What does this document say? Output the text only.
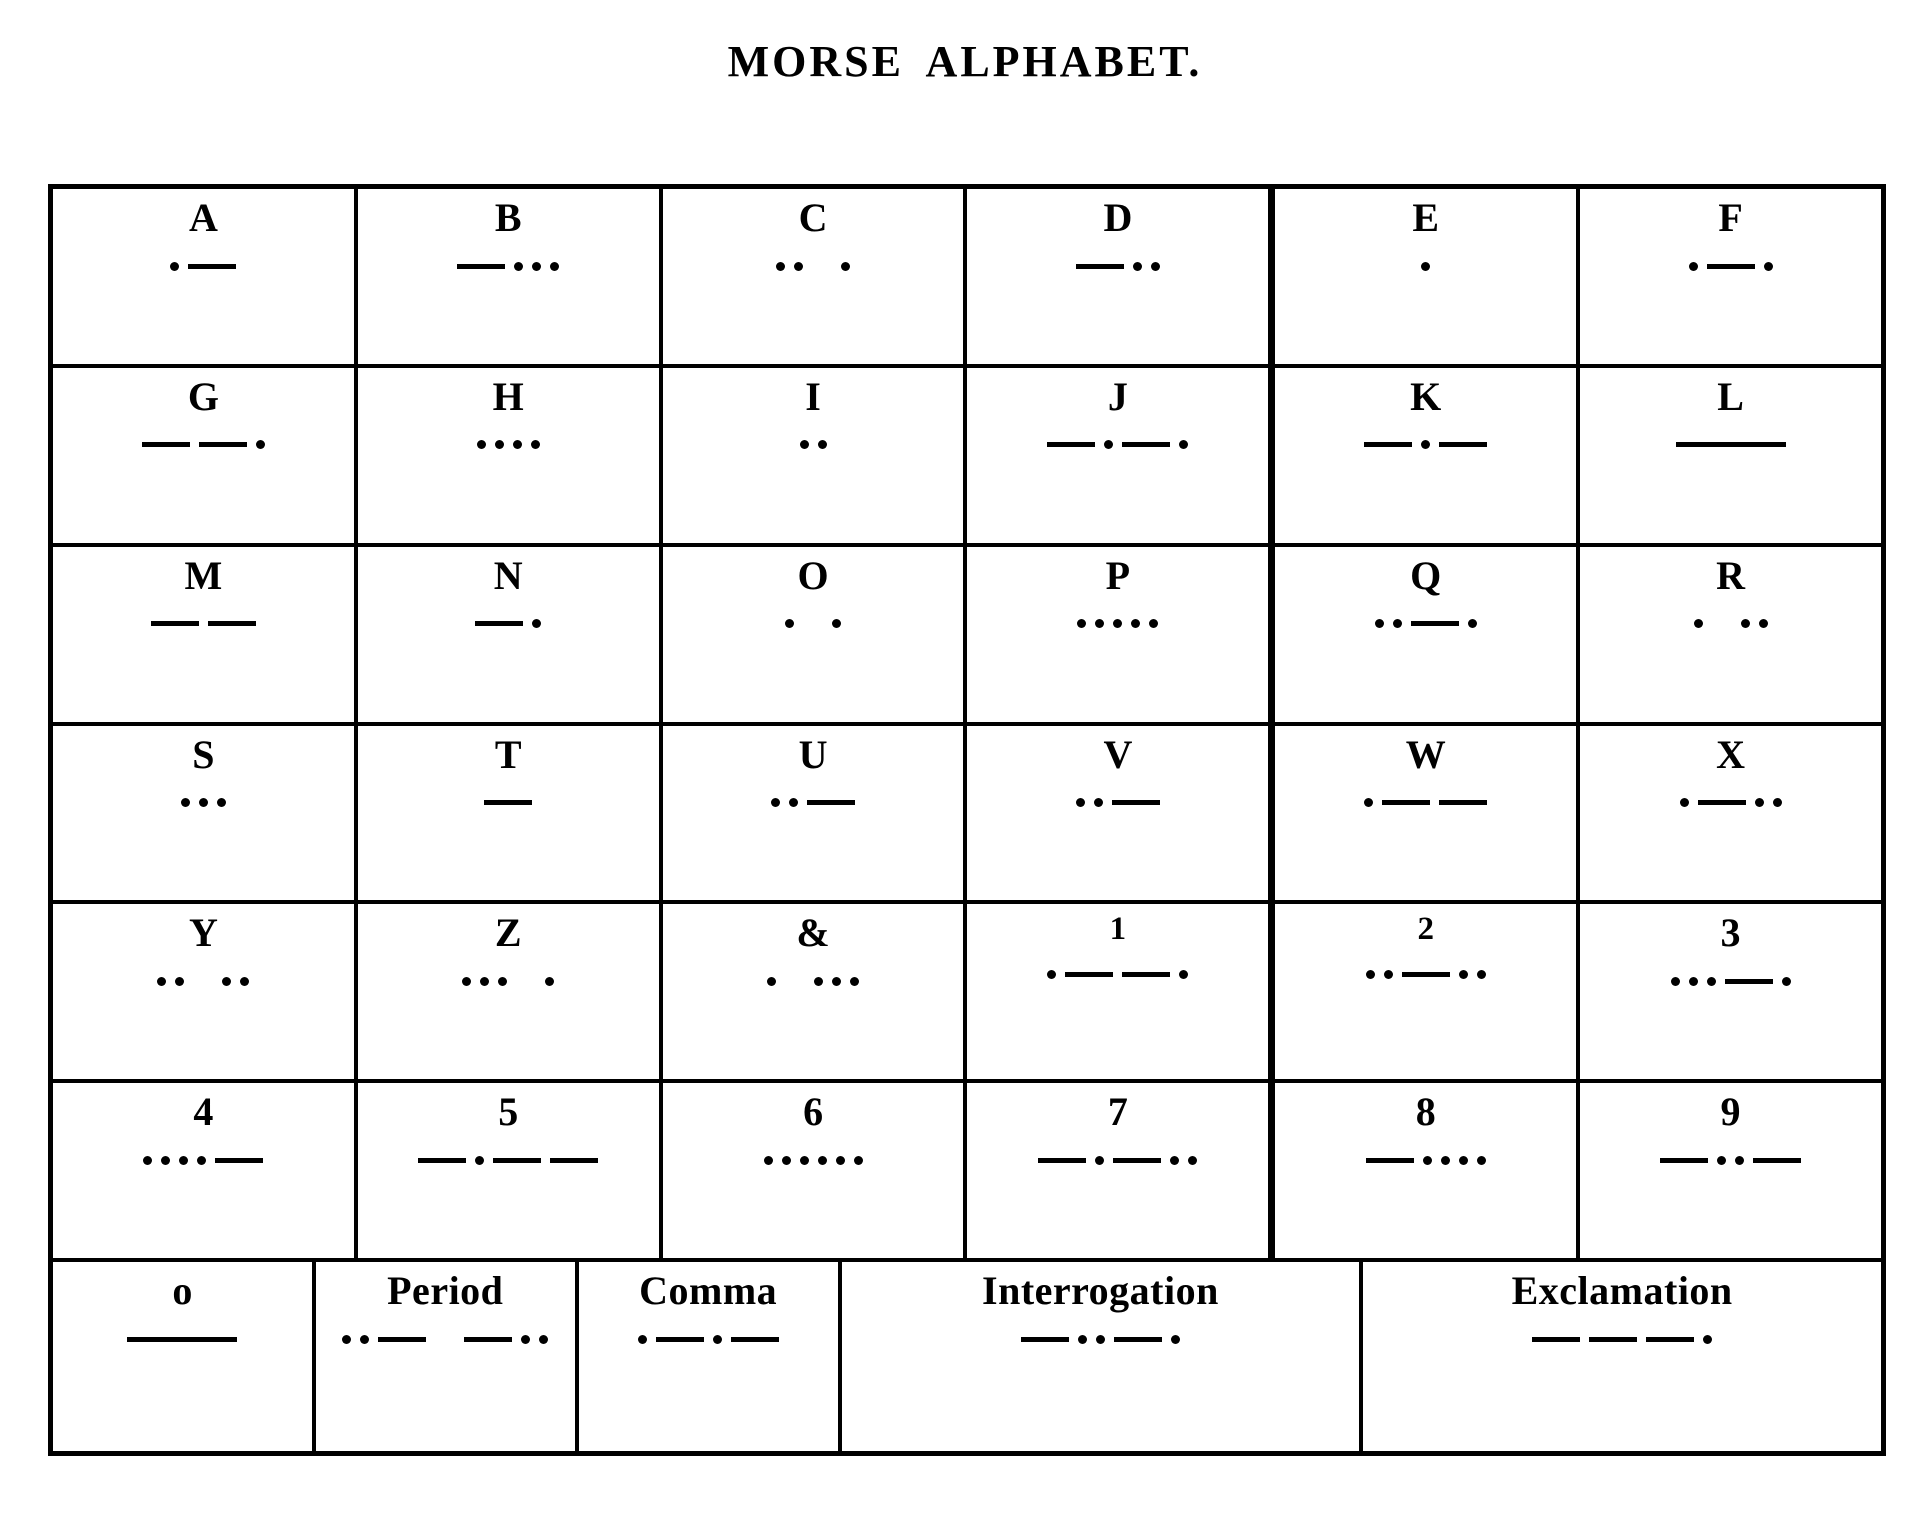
MORSE ALPHABET.
A	B	C	D	E	F
G	H	I	J	K	L
M	N	O	P	Q	R
S	T	U	V	W	X
Y	Z	&	1	2	3
4	5	6	7	8	9
o	Period	Comma	Interrogation	Exclamation
